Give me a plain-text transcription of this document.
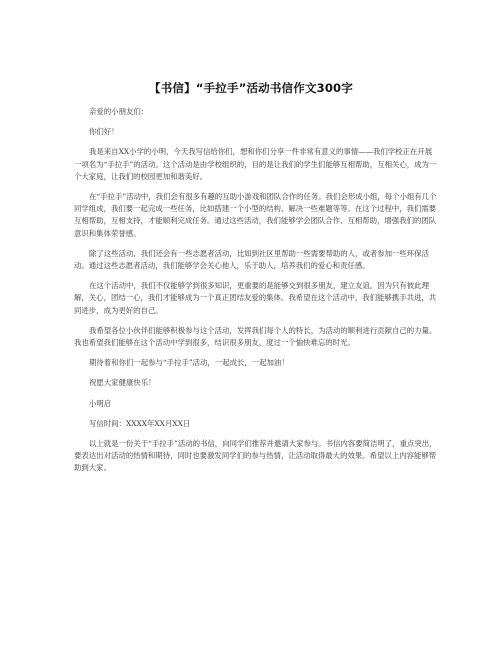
【书信】“手拉手”活动书信作文300字

亲爱的小朋友们：

你们好！

我是来自XX小学的小明，今天我写信给你们，想和你们分享一件非常有意义的事情——我们学校正在开展一项名为“手拉手”的活动。这个活动是由学校组织的，目的是让我们的学生们能够互相帮助，互相关心，成为一个大家庭，让我们的校园更加和谐美好。

在“手拉手”活动中，我们会有很多有趣的互助小游戏和团队合作的任务。我们会形成小组，每个小组有几个同学组成，我们要一起完成一些任务，比如搭建一个小型的结构、解决一些难题等等。在这个过程中，我们需要互相帮助，互相支持，才能顺利完成任务。通过这些活动，我们能够学会团队合作、互相帮助，增强我们的团队意识和集体荣誉感。

除了这些活动，我们还会有一些志愿者活动，比如到社区里帮助一些需要帮助的人，或者参加一些环保活动。通过这些志愿者活动，我们能够学会关心他人，乐于助人，培养我们的爱心和责任感。

在这个活动中，我们不仅能够学到很多知识，更重要的是能够交到很多朋友，建立友谊。因为只有彼此理解，关心，团结一心，我们才能够成为一个真正团结友爱的集体。我希望在这个活动中，我们能够携手共进，共同进步，成为更好的自己。

我希望各位小伙伴们能够积极参与这个活动，发挥我们每个人的特长，为活动的顺利进行贡献自己的力量。我也希望我们能够在这个活动中学到很多，结识很多朋友，度过一个愉快难忘的时光。

期待着和你们一起参与“手拉手”活动，一起成长，一起加油！

祝愿大家健康快乐！

小明启

写信时间：XXXX年XX月XX日

以上就是一份关于“手拉手”活动的书信，向同学们推荐并邀请大家参与。书信内容要简洁明了，重点突出，要表达出对活动的热情和期待，同时也要激发同学们的参与热情，让活动取得最大的效果。希望以上内容能够帮助到大家。
